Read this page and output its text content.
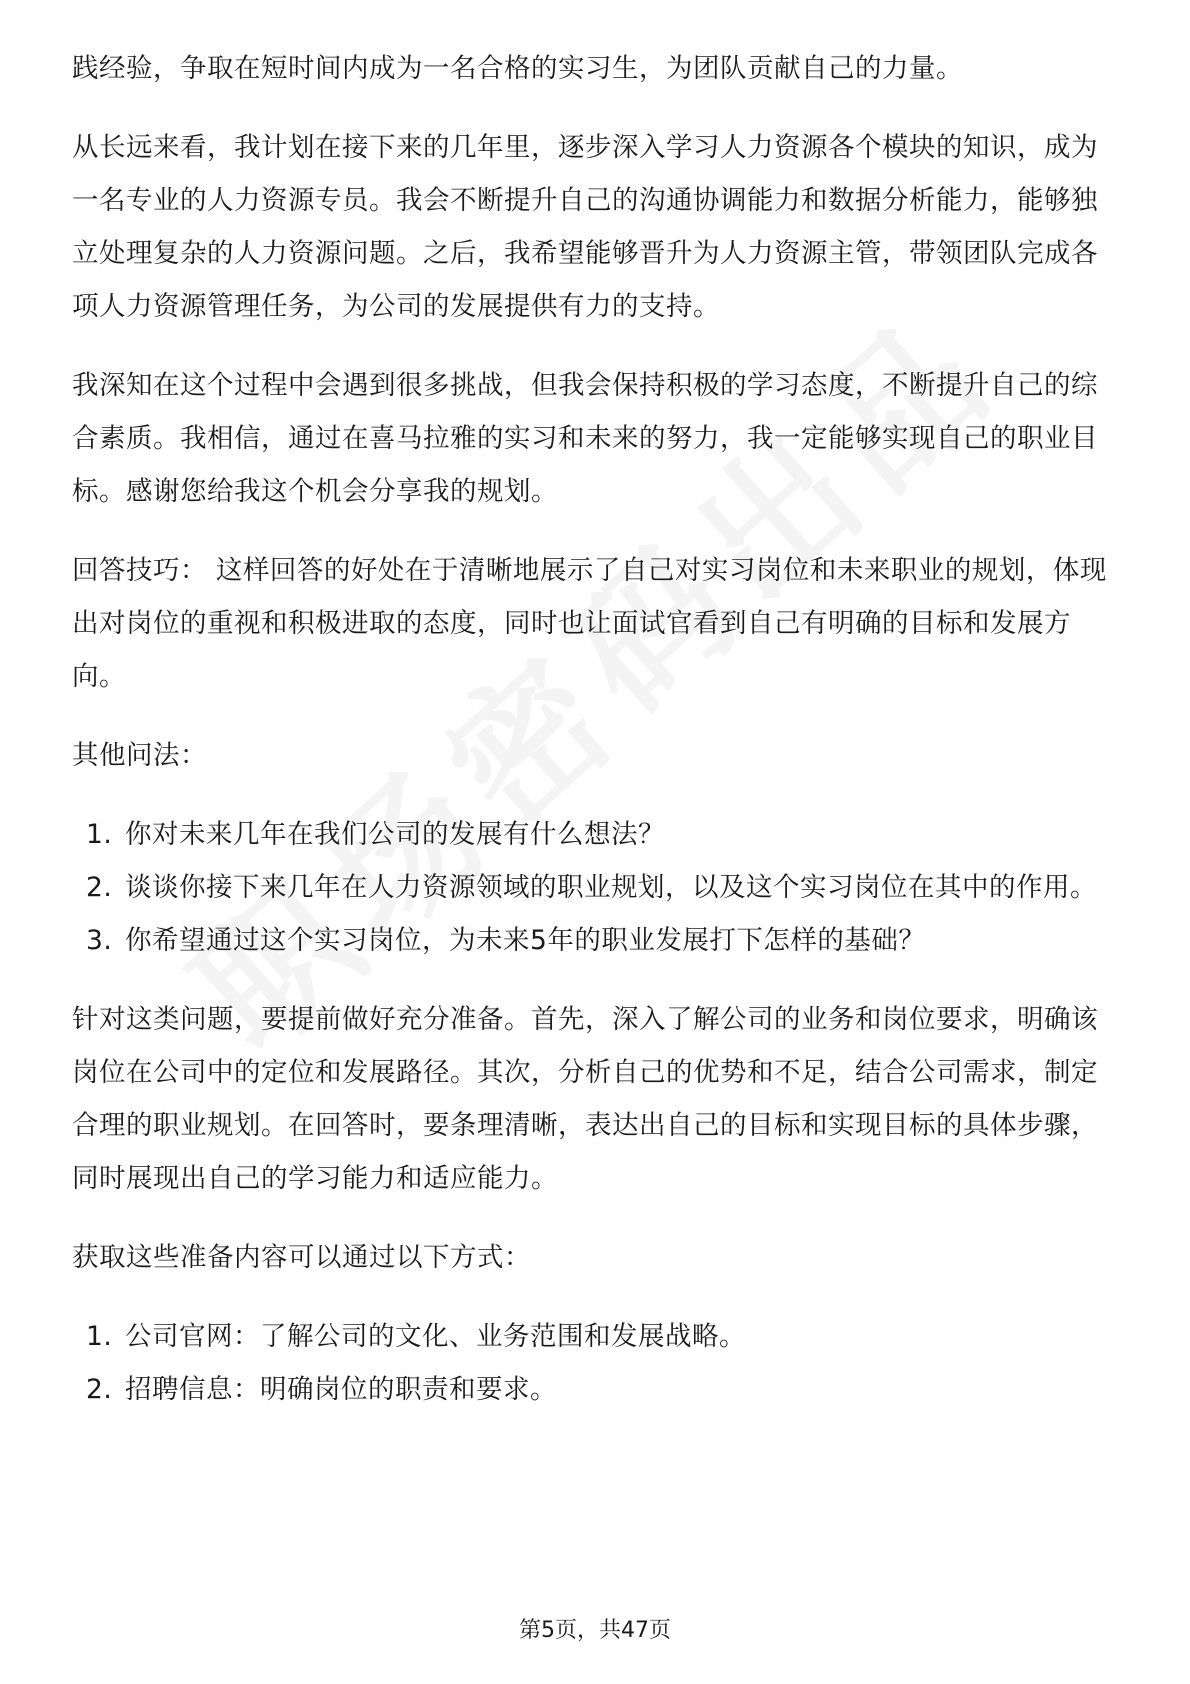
践经验，争取在短时间内成为一名合格的实习生，为团队贡献自己的力量。

从长远来看，我计划在接下来的几年里，逐步深入学习人力资源各个模块的知识，成为一名专业的人力资源专员。我会不断提升自己的沟通协调能力和数据分析能力，能够独立处理复杂的人力资源问题。之后，我希望能够晋升为人力资源主管，带领团队完成各项人力资源管理任务，为公司的发展提供有力的支持。

我深知在这个过程中会遇到很多挑战，但我会保持积极的学习态度，不断提升自己的综合素质。我相信，通过在喜马拉雅的实习和未来的努力，我一定能够实现自己的职业目标。感谢您给我这个机会分享我的规划。

回答技巧： 这样回答的好处在于清晰地展示了自己对实习岗位和未来职业的规划，体现出对岗位的重视和积极进取的态度，同时也让面试官看到自己有明确的目标和发展方向。

其他问法：

1. 你对未来几年在我们公司的发展有什么想法？
2. 谈谈你接下来几年在人力资源领域的职业规划，以及这个实习岗位在其中的作用。
3. 你希望通过这个实习岗位，为未来5年的职业发展打下怎样的基础？

针对这类问题，要提前做好充分准备。首先，深入了解公司的业务和岗位要求，明确该岗位在公司中的定位和发展路径。其次，分析自己的优势和不足，结合公司需求，制定合理的职业规划。在回答时，要条理清晰，表达出自己的目标和实现目标的具体步骤，同时展现出自己的学习能力和适应能力。

获取这些准备内容可以通过以下方式：

1. 公司官网：了解公司的文化、业务范围和发展战略。
2. 招聘信息：明确岗位的职责和要求。
第5页，共47页
